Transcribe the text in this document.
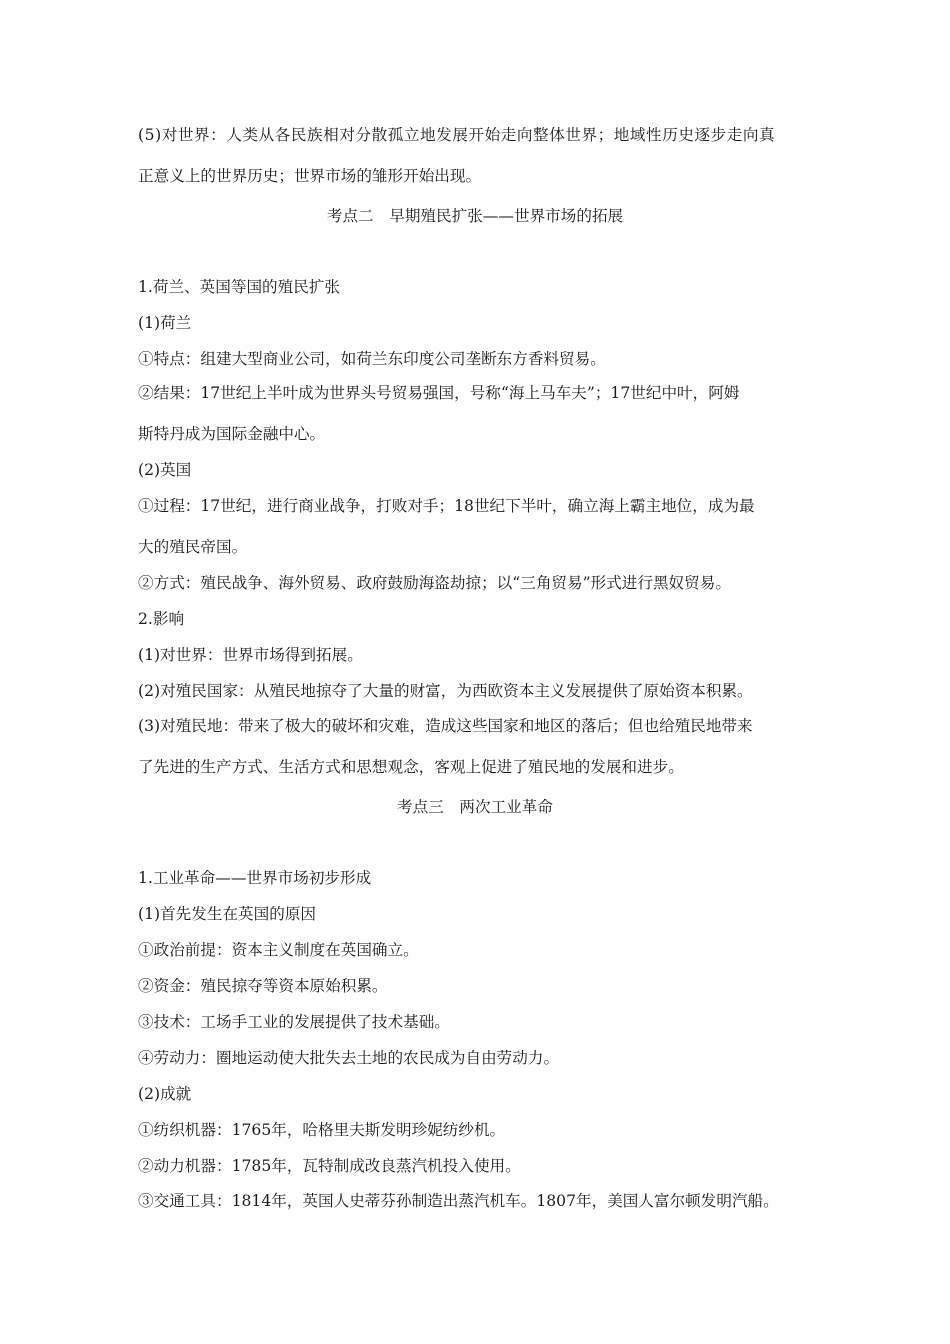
(5)对世界：人类从各民族相对分散孤立地发展开始走向整体世界；地域性历史逐步走向真
正意义上的世界历史；世界市场的雏形开始出现。
考点二　早期殖民扩张——世界市场的拓展
1.荷兰、英国等国的殖民扩张
(1)荷兰
①特点：组建大型商业公司，如荷兰东印度公司垄断东方香料贸易。
②结果：17世纪上半叶成为世界头号贸易强国，号称“海上马车夫”；17世纪中叶，阿姆
斯特丹成为国际金融中心。
(2)英国
①过程：17世纪，进行商业战争，打败对手；18世纪下半叶，确立海上霸主地位，成为最
大的殖民帝国。
②方式：殖民战争、海外贸易、政府鼓励海盗劫掠；以“三角贸易”形式进行黑奴贸易。
2.影响
(1)对世界：世界市场得到拓展。
(2)对殖民国家：从殖民地掠夺了大量的财富，为西欧资本主义发展提供了原始资本积累。
(3)对殖民地：带来了极大的破坏和灾难，造成这些国家和地区的落后；但也给殖民地带来
了先进的生产方式、生活方式和思想观念，客观上促进了殖民地的发展和进步。
考点三　两次工业革命
1.工业革命——世界市场初步形成
(1)首先发生在英国的原因
①政治前提：资本主义制度在英国确立。
②资金：殖民掠夺等资本原始积累。
③技术：工场手工业的发展提供了技术基础。
④劳动力：圈地运动使大批失去土地的农民成为自由劳动力。
(2)成就
①纺织机器：1765年，哈格里夫斯发明珍妮纺纱机。
②动力机器：1785年，瓦特制成改良蒸汽机投入使用。
③交通工具：1814年，英国人史蒂芬孙制造出蒸汽机车。1807年，美国人富尔顿发明汽船。
